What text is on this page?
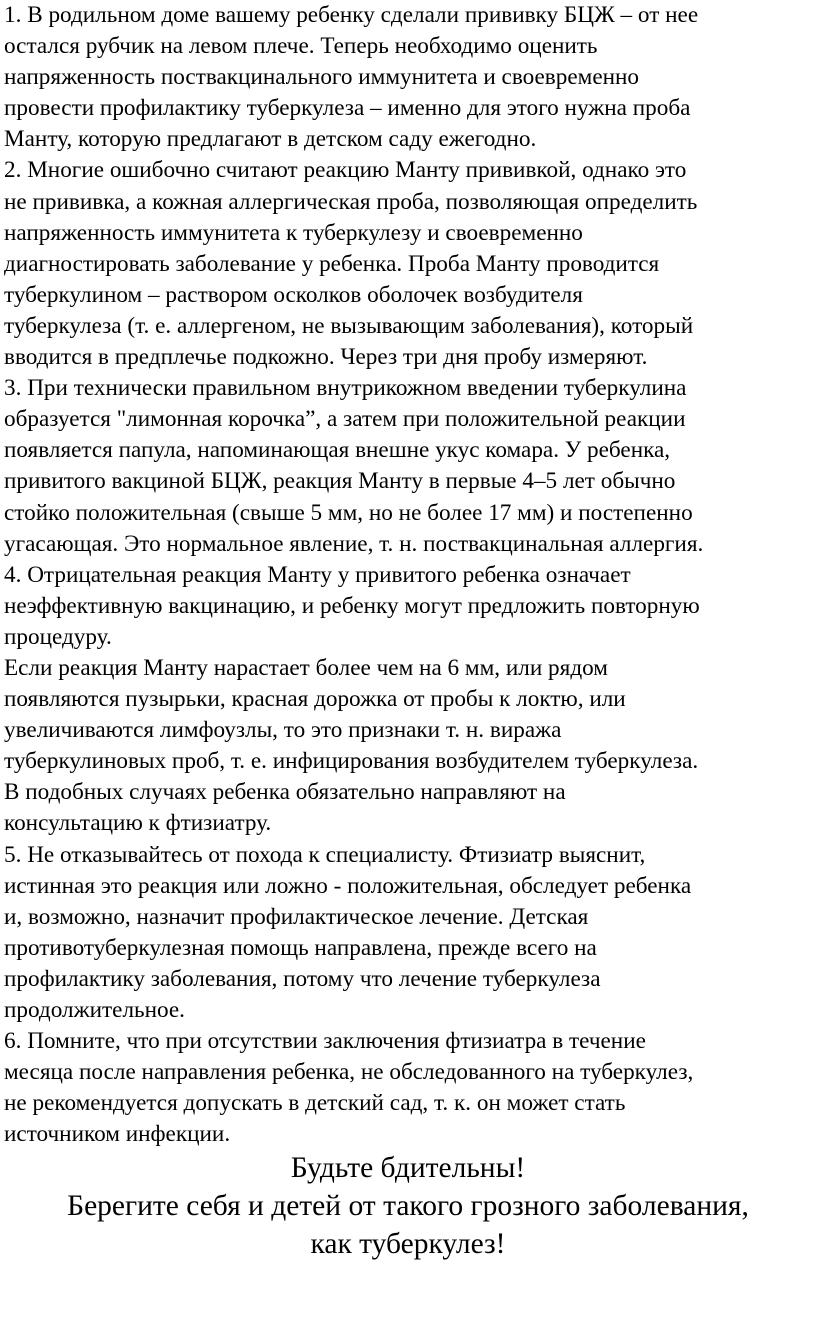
1. В родильном доме вашему ребенку сделали прививку БЦЖ – от нее
остался рубчик на левом плече. Теперь необходимо оценить
напряженность поствакцинального иммунитета и своевременно
провести профилактику туберкулеза – именно для этого нужна проба
Манту, которую предлагают в детском саду ежегодно.
2. Многие ошибочно считают реакцию Манту прививкой, однако это
не прививка, а кожная аллергическая проба, позволяющая определить
напряженность иммунитета к туберкулезу и своевременно
диагностировать заболевание у ребенка. Проба Манту проводится
туберкулином – раствором осколков оболочек возбудителя
туберкулеза (т. е. аллергеном, не вызывающим заболевания), который
вводится в предплечье подкожно. Через три дня пробу измеряют.
3. При технически правильном внутрикожном введении туберкулина
образуется "лимонная корочка”, а затем при положительной реакции
появляется папула, напоминающая внешне укус комара. У ребенка,
привитого вакциной БЦЖ, реакция Манту в первые 4–5 лет обычно
стойко положительная (свыше 5 мм, но не более 17 мм) и постепенно
угасающая. Это нормальное явление, т. н. поствакцинальная аллергия.
4. Отрицательная реакция Манту у привитого ребенка означает
неэффективную вакцинацию, и ребенку могут предложить повторную
процедуру.
Если реакция Манту нарастает более чем на 6 мм, или рядом
появляются пузырьки, красная дорожка от пробы к локтю, или
увеличиваются лимфоузлы, то это признаки т. н. виража
туберкулиновых проб, т. е. инфицирования возбудителем туберкулеза.
В подобных случаях ребенка обязательно направляют на
консультацию к фтизиатру.
5. Не отказывайтесь от похода к специалисту. Фтизиатр выяснит,
истинная это реакция или ложно - положительная, обследует ребенка
и, возможно, назначит профилактическое лечение. Детская
противотуберкулезная помощь направлена, прежде всего на
профилактику заболевания, потому что лечение туберкулеза
продолжительное.
6. Помните, что при отсутствии заключения фтизиатра в течение
месяца после направления ребенка, не обследованного на туберкулез,
не рекомендуется допускать в детский сад, т. к. он может стать
источником инфекции.
Будьте бдительны!
Берегите себя и детей от такого грозного заболевания,
как туберкулез!
